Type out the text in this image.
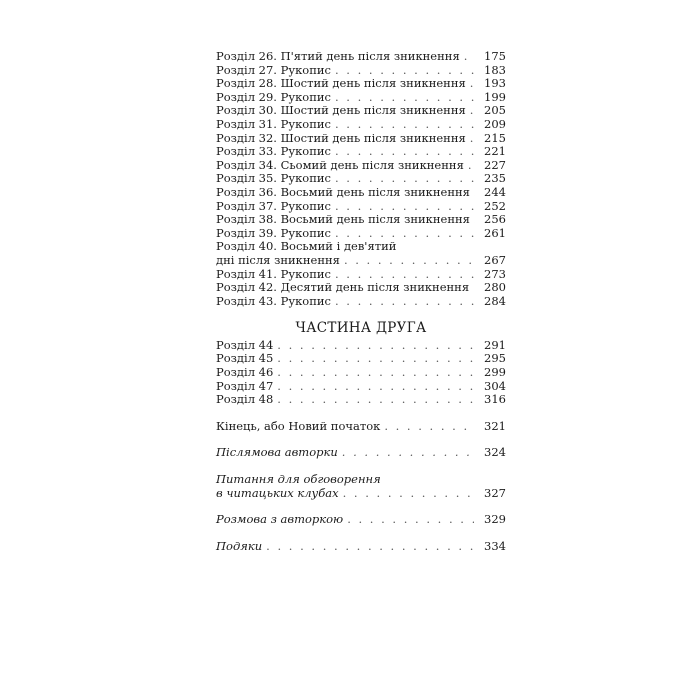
Розділ 26. П'ятий день після зникнення . . .	175
Розділ 27. Рукопис . . .	183
Розділ 28. Шостий день після зникнення . . .	193
Розділ 29. Рукопис . . .	199
Розділ 30. Шостий день після зникнення . . .	205
Розділ 31. Рукопис . . .	209
Розділ 32. Шостий день після зникнення . . .	215
Розділ 33. Рукопис . . .	221
Розділ 34. Сьомий день після зникнення . . .	227
Розділ 35. Рукопис . . .	235
Розділ 36. Восьмий день після зникнення . . .	244
Розділ 37. Рукопис . . .	252
Розділ 38. Восьмий день після зникнення . . .	256
Розділ 39. Рукопис . . .	261
Розділ 40. Восьмий і дев'ятий
дні після зникнення . . .	267
Розділ 41. Рукопис . . .	273
Розділ 42. Десятий день після зникнення . . .	280
Розділ 43. Рукопис . . .	284
ЧАСТИНА ДРУГА
Розділ 44 . . .	291
Розділ 45 . . .	295
Розділ 46 . . .	299
Розділ 47 . . .	304
Розділ 48 . . .	316
Кінець, або Новий початок . . .	321
Післямова авторки . . .	324
Питання для обговорення
в читацьких клубах . . .	327
Розмова з авторкою . . .	329
Подяки . . .	334
